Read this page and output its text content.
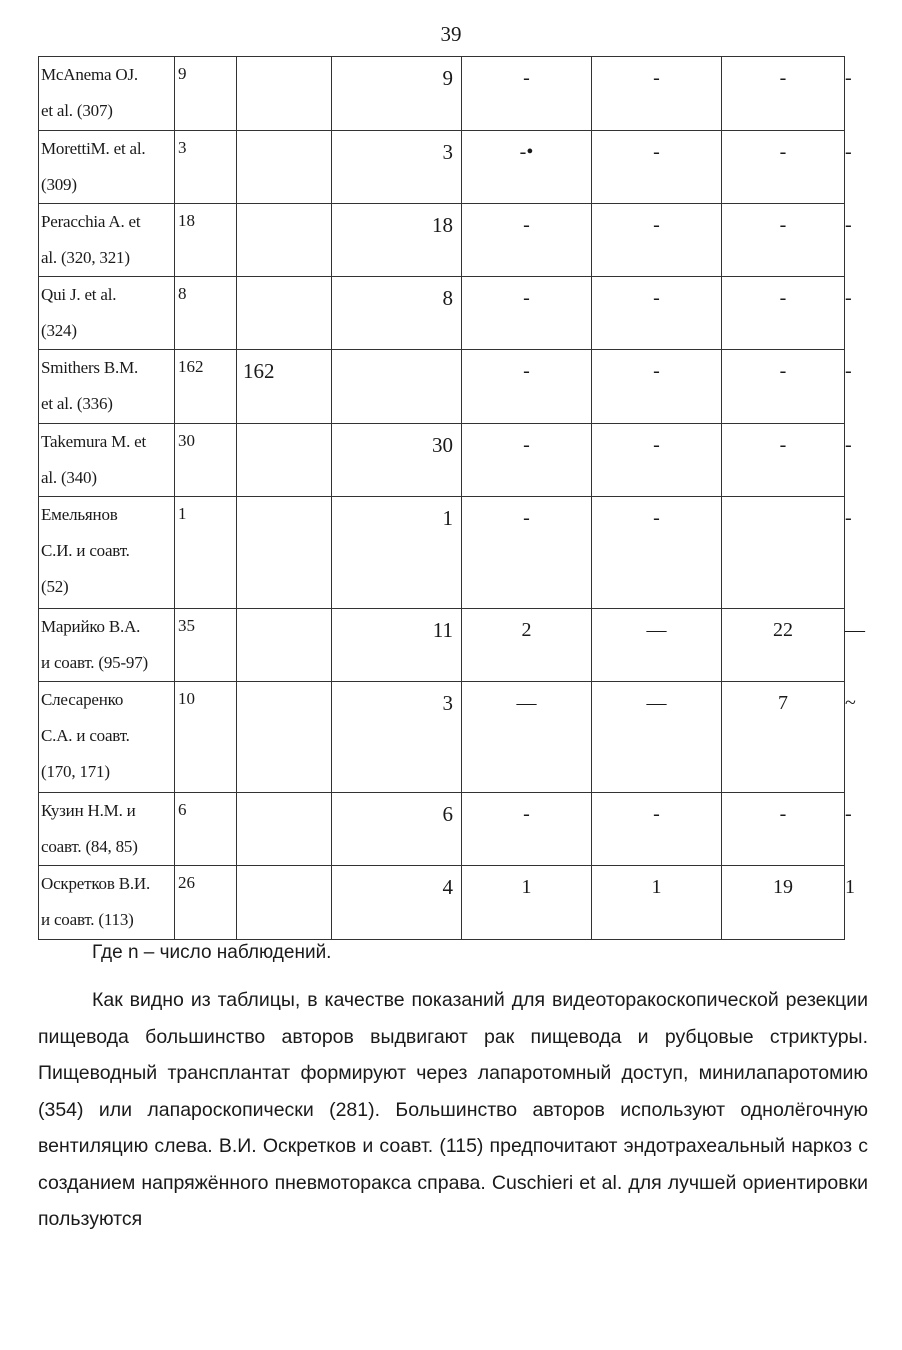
39
McAnema OJ.
et al. (307)	9		9	-	-	-	-

MorettiM. et al.
(309)	3		3	-•	-	-	-

Peracchia A. et
al. (320, 321)	18		18	-	-	-	-

Qui J. et al.
(324)	8		8	-	-	-	-

Smithers B.M.
et al. (336)	162	162		-	-	-	-

Takemura M. et
al. (340)	30		30	-	-	-	-

Емельянов
С.И. и соавт.
(52)	1		1	-	-		-

Марийко В.А.
и соавт. (95-97)	35		11	2	—	22	—

Слесаренко
С.А. и соавт.
(170, 171)	10		3	—	—	7	~

Кузин Н.М. и
соавт. (84, 85)	6		6	-	-	-	-

Оскретков В.И.
и соавт. (113)	26		4	1	1	19	1
Где n – число наблюдений.

Как видно из таблицы, в качестве показаний для видеоторакоскопической резекции пищевода большинство авторов выдвигают рак пищевода и рубцовые стриктуры. Пищеводный трансплантат формируют через лапаротомный доступ, минилапаротомию (354) или лапароскопически (281). Большинство авторов используют однолёгочную вентиляцию слева. В.И. Оскретков и соавт. (115) предпочитают эндотрахеальный наркоз с созданием напряжённого пневмоторакса справа. Cuschieri et al. для лучшей ориентировки пользуются
